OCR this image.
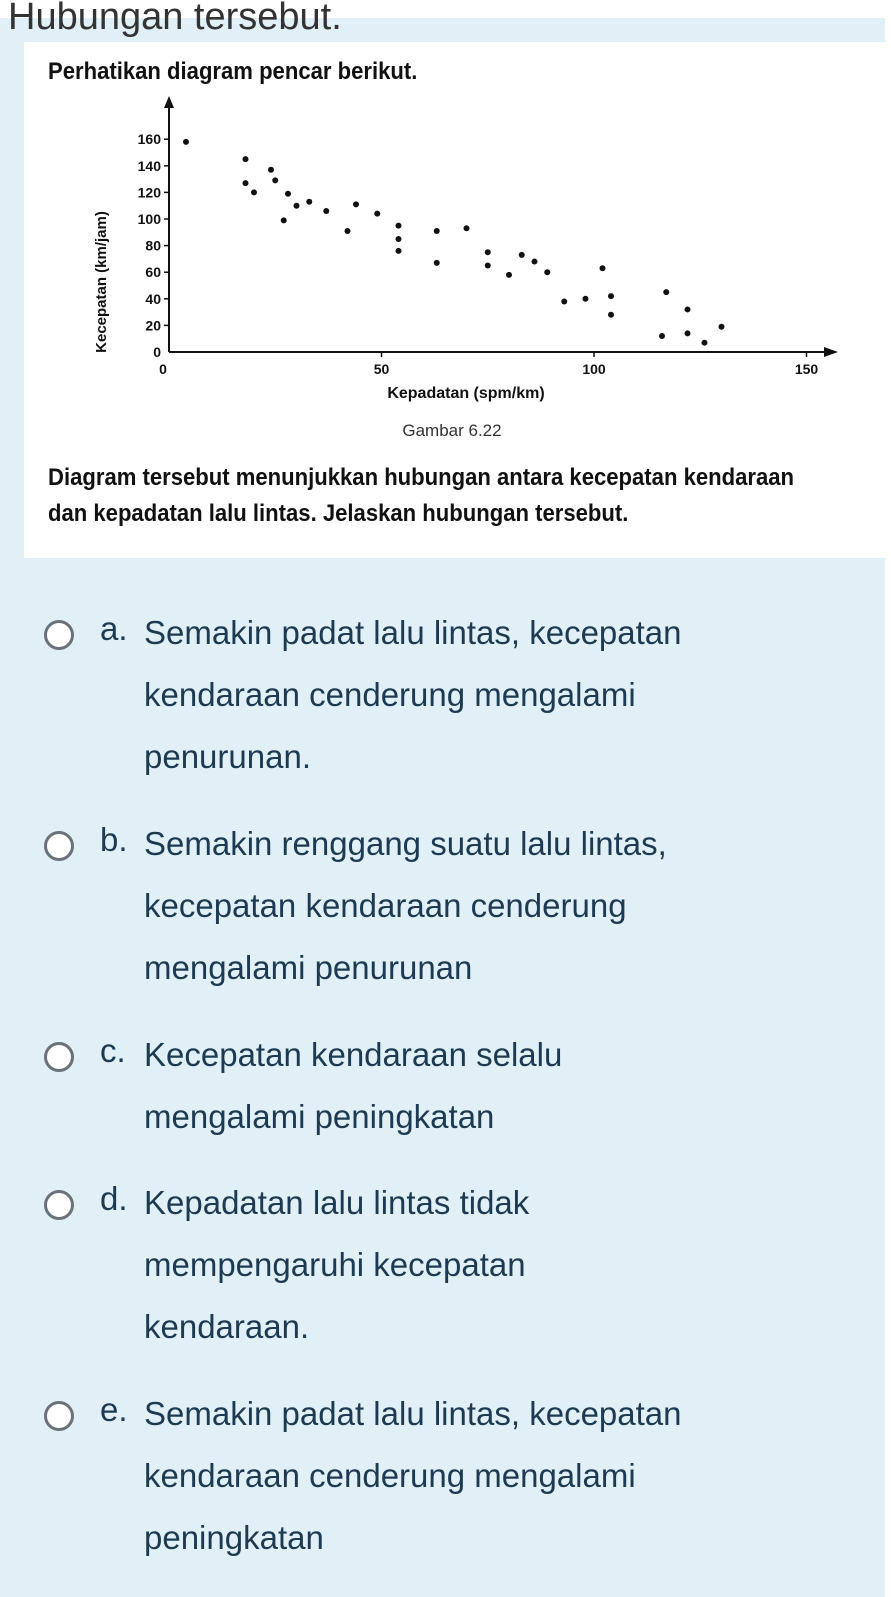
Hubungan tersebut.
Perhatikan diagram pencar berikut.
0
20
40
60
80
100
120
140
160
0	50	100	150
Kecepatan (km/jam)
Kepadatan (spm/km)
Gambar 6.22
Diagram tersebut menunjukkan hubungan antara kecepatan kendaraan
dan kepadatan lalu lintas. Jelaskan hubungan tersebut.
a. Semakin padat lalu lintas, kecepatan
kendaraan cenderung mengalami
penurunan.
b. Semakin renggang suatu lalu lintas,
kecepatan kendaraan cenderung
mengalami penurunan
c. Kecepatan kendaraan selalu
mengalami peningkatan
d. Kepadatan lalu lintas tidak
mempengaruhi kecepatan
kendaraan.
e. Semakin padat lalu lintas, kecepatan
kendaraan cenderung mengalami
peningkatan
